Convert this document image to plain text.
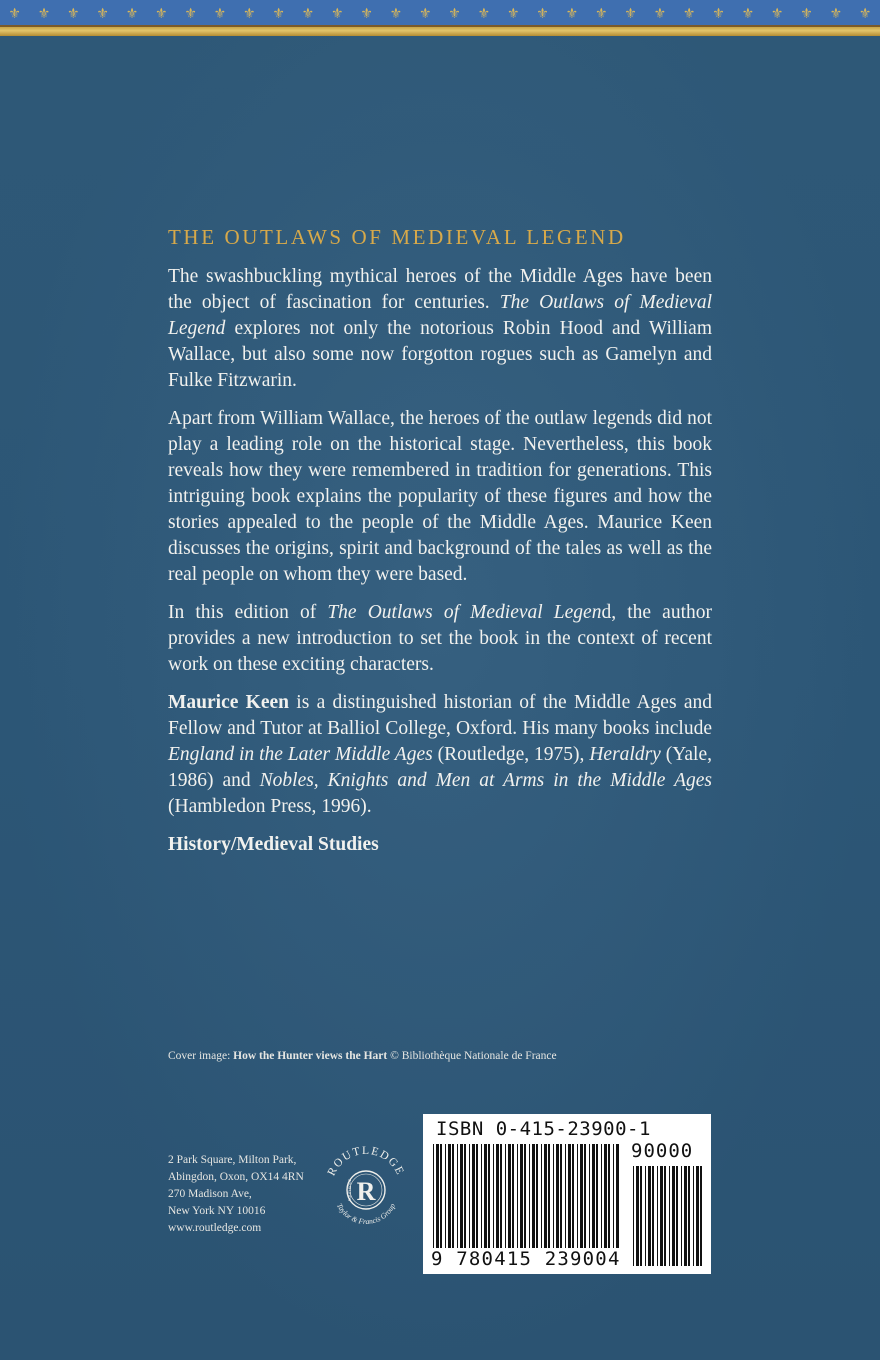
⚜ ⚜ ⚜ ⚜ ⚜ ⚜ ⚜ ⚜ ⚜ ⚜ ⚜ ⚜ ⚜ ⚜ ⚜ ⚜ ⚜ ⚜ ⚜ ⚜ ⚜ ⚜ ⚜ ⚜ ⚜ ⚜ ⚜ ⚜ ⚜ ⚜
THE OUTLAWS OF MEDIEVAL LEGEND

The swashbuckling mythical heroes of the Middle Ages have been the object of fascination for centuries. The Outlaws of Medieval Legend explores not only the notorious Robin Hood and William Wallace, but also some now forgotton rogues such as Gamelyn and Fulke Fitzwarin.

Apart from William Wallace, the heroes of the outlaw legends did not play a leading role on the historical stage. Nevertheless, this book reveals how they were remembered in tradition for generations. This intriguing book explains the popularity of these figures and how the stories appealed to the people of the Middle Ages. Maurice Keen discusses the origins, spirit and background of the tales as well as the real people on whom they were based.

In this edition of The Outlaws of Medieval Legend, the author provides a new introduction to set the book in the context of recent work on these exciting characters.

Maurice Keen is a distinguished historian of the Middle Ages and Fellow and Tutor at Balliol College, Oxford. His many books include England in the Later Middle Ages (Routledge, 1975), Heraldry (Yale, 1986) and Nobles, Knights and Men at Arms in the Middle Ages (Hambledon Press, 1996).

History/Medieval Studies

Cover image: How the Hunter views the Hart © Bibliothèque Nationale de France
2 Park Square, Milton Park,
Abingdon, Oxon, OX14 4RN
270 Madison Ave,
New York NY 10016
www.routledge.com
ROUTLEDGE
Taylor & Francis Group
R
ROUTLEDGE
ISBN 0-415-23900-1
90000
9 780415 239004
